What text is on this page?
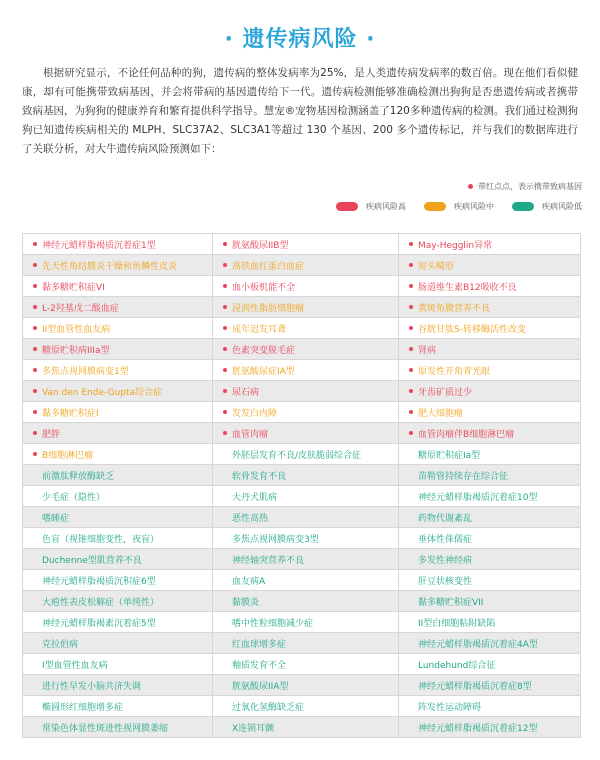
· 遗传病风险 ·
根据研究显示，不论任何品种的狗，遗传病的整体发病率为25%，是人类遗传病发病率的数百倍。现在他们看似健康，却有可能携带致病基因，并会将带病的基因遗传给下一代。遗传病检测能够准确检测出狗狗是否患遗传病或者携带致病基因，为狗狗的健康养育和繁育提供科学指导。慧宠®宠物基因检测涵盖了120多种遗传病的检测。我们通过检测狗狗已知遗传疾病相关的 MLPH、SLC37A2、SLC3A1等超过 130 个基因、200 多个遗传标记，并与我们的数据库进行了关联分析，对大牛遗传病风险预测如下：
带红点点，表示携带致病基因
疾病风险高	疾病风险中	疾病风险低
神经元蜡样脂褐质沉着症1型	胱氨酸尿IIB型	May-Hegglin异常

先天性角结膜炎干燥和鱼鳞性皮炎	高铁血红蛋白血症	短头畸形

黏多糖贮积症VI	血小板机能不全	肠道维生素B12吸收不良

L-2羟基戊二酸血症	浸润性脂肪细胞瘤	黄斑角膜营养不良

II型血管性血友病	成年迟发耳聋	谷胱甘肽S-转移酶活性改变

糖原贮积病IIIa型	色素突变脱毛症	肾病

多焦点视网膜病变1型	胱氨酸尿症IA型	原发性开角青光眼

Van den Ende-Gupta综合症	尿石病	牙齿矿质过少

黏多糖贮积症I	发发白内障	肥大细胞瘤

肥胖	血管肉瘤	血管肉瘤伴B细胞淋巴瘤

B细胞淋巴瘤	外胚层发育不良/皮肤脆弱综合征	糖原贮积症Ia型

前激肽释放酶缺乏	软骨发育不良	苗勒管持续存在综合征

少毛症（隐性）	大丹犬肌病	神经元蜡样脂褐质沉着症10型

嗜睡症	恶性高热	药物代谢紊乱

色盲（视锥细胞变性，夜盲）	多焦点视网膜病变3型	垂体性侏儒症

Duchenne型肌营养不良	神经轴突营养不良	多发性神经病

神经元蜡样脂褐质沉积症6型	血友病A	肝豆状核变性

大疱性表皮松解症（单纯性）	黏膜炎	黏多糖贮积症VII

神经元蜡样脂褐素沉着症5型	嗜中性粒细胞减少症	II型白细胞粘附缺陷

克拉伯病	红血球增多症	神经元蜡样脂褐质沉着症4A型

I型血管性血友病	釉质发育不全	Lundehund综合征

进行性早发小脑共济失调	胱氨酸尿IIA型	神经元蜡样脂褐质沉着症8型

椭圆形红细胞增多症	过氧化氢酶缺乏症	阵发性运动障碍

常染色体显性斑进性视网膜萎缩	X连锁耳颤	神经元蜡样脂褐质沉着症12型
